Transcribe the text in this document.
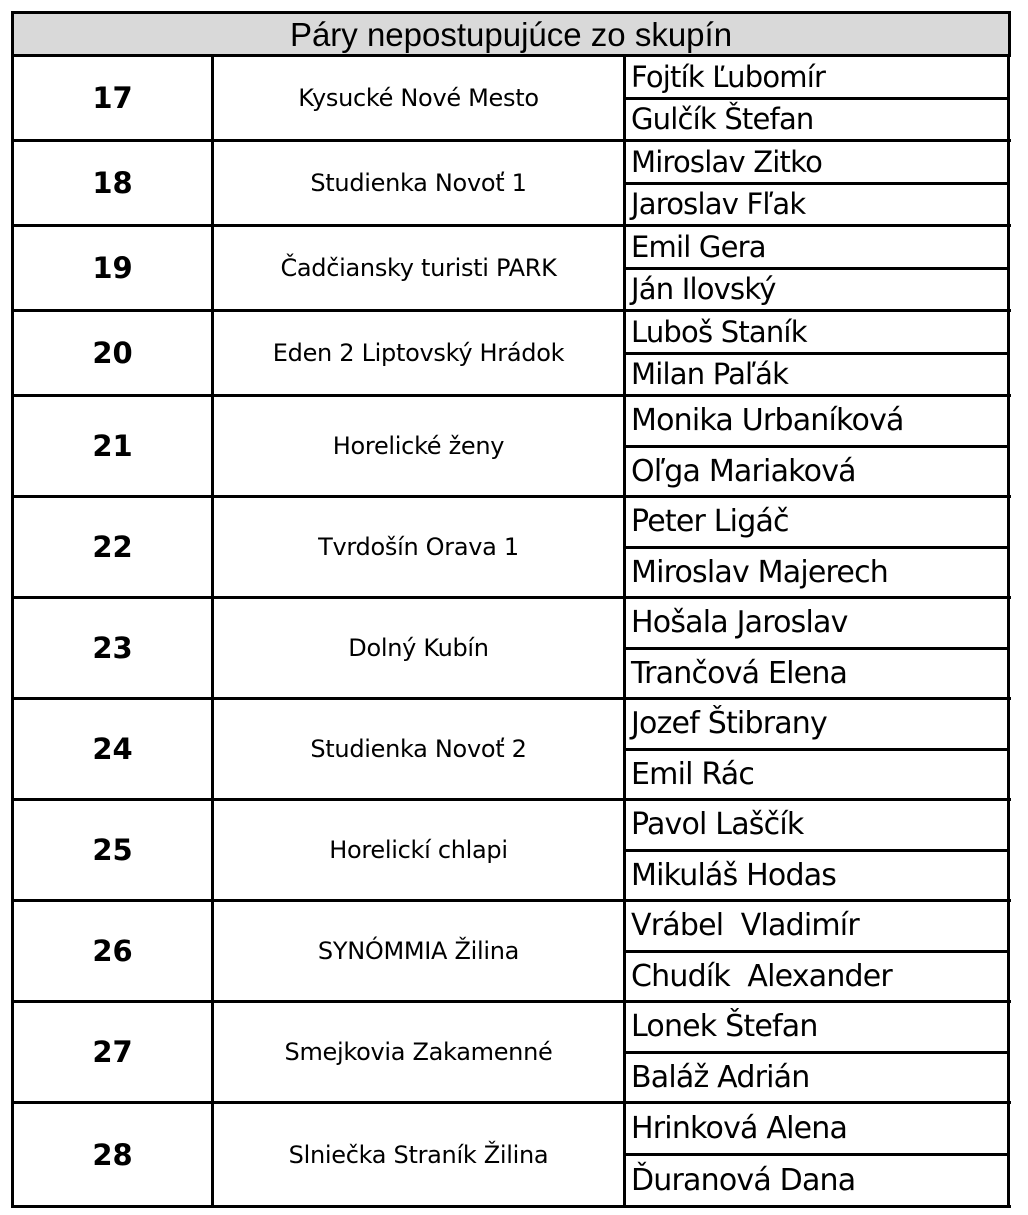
Páry nepostupujúce zo skupín
17	Kysucké Nové Mesto
Fojtík Ľubomír
Gulčík Štefan
18	Studienka Novoť 1
Miroslav Zitko
Jaroslav Fľak
19	Čadčiansky turisti PARK
Emil Gera
Ján Ilovský
20	Eden 2 Liptovský Hrádok
Luboš Staník
Milan Paľák
21	Horelické ženy
Monika Urbaníková
Oľga Mariaková
22	Tvrdošín Orava 1
Peter Ligáč
Miroslav Majerech
23	Dolný Kubín
Hošala Jaroslav
Trančová Elena
24	Studienka Novoť 2
Jozef Štibrany
Emil Rác
25	Horelickí chlapi
Pavol Laščík
Mikuláš Hodas
26	SYNÓMMIA Žilina
Vrábel  Vladimír
Chudík  Alexander
27	Smejkovia Zakamenné
Lonek Štefan
Baláž Adrián
28	Slniečka Straník Žilina
Hrinková Alena
Ďuranová Dana
